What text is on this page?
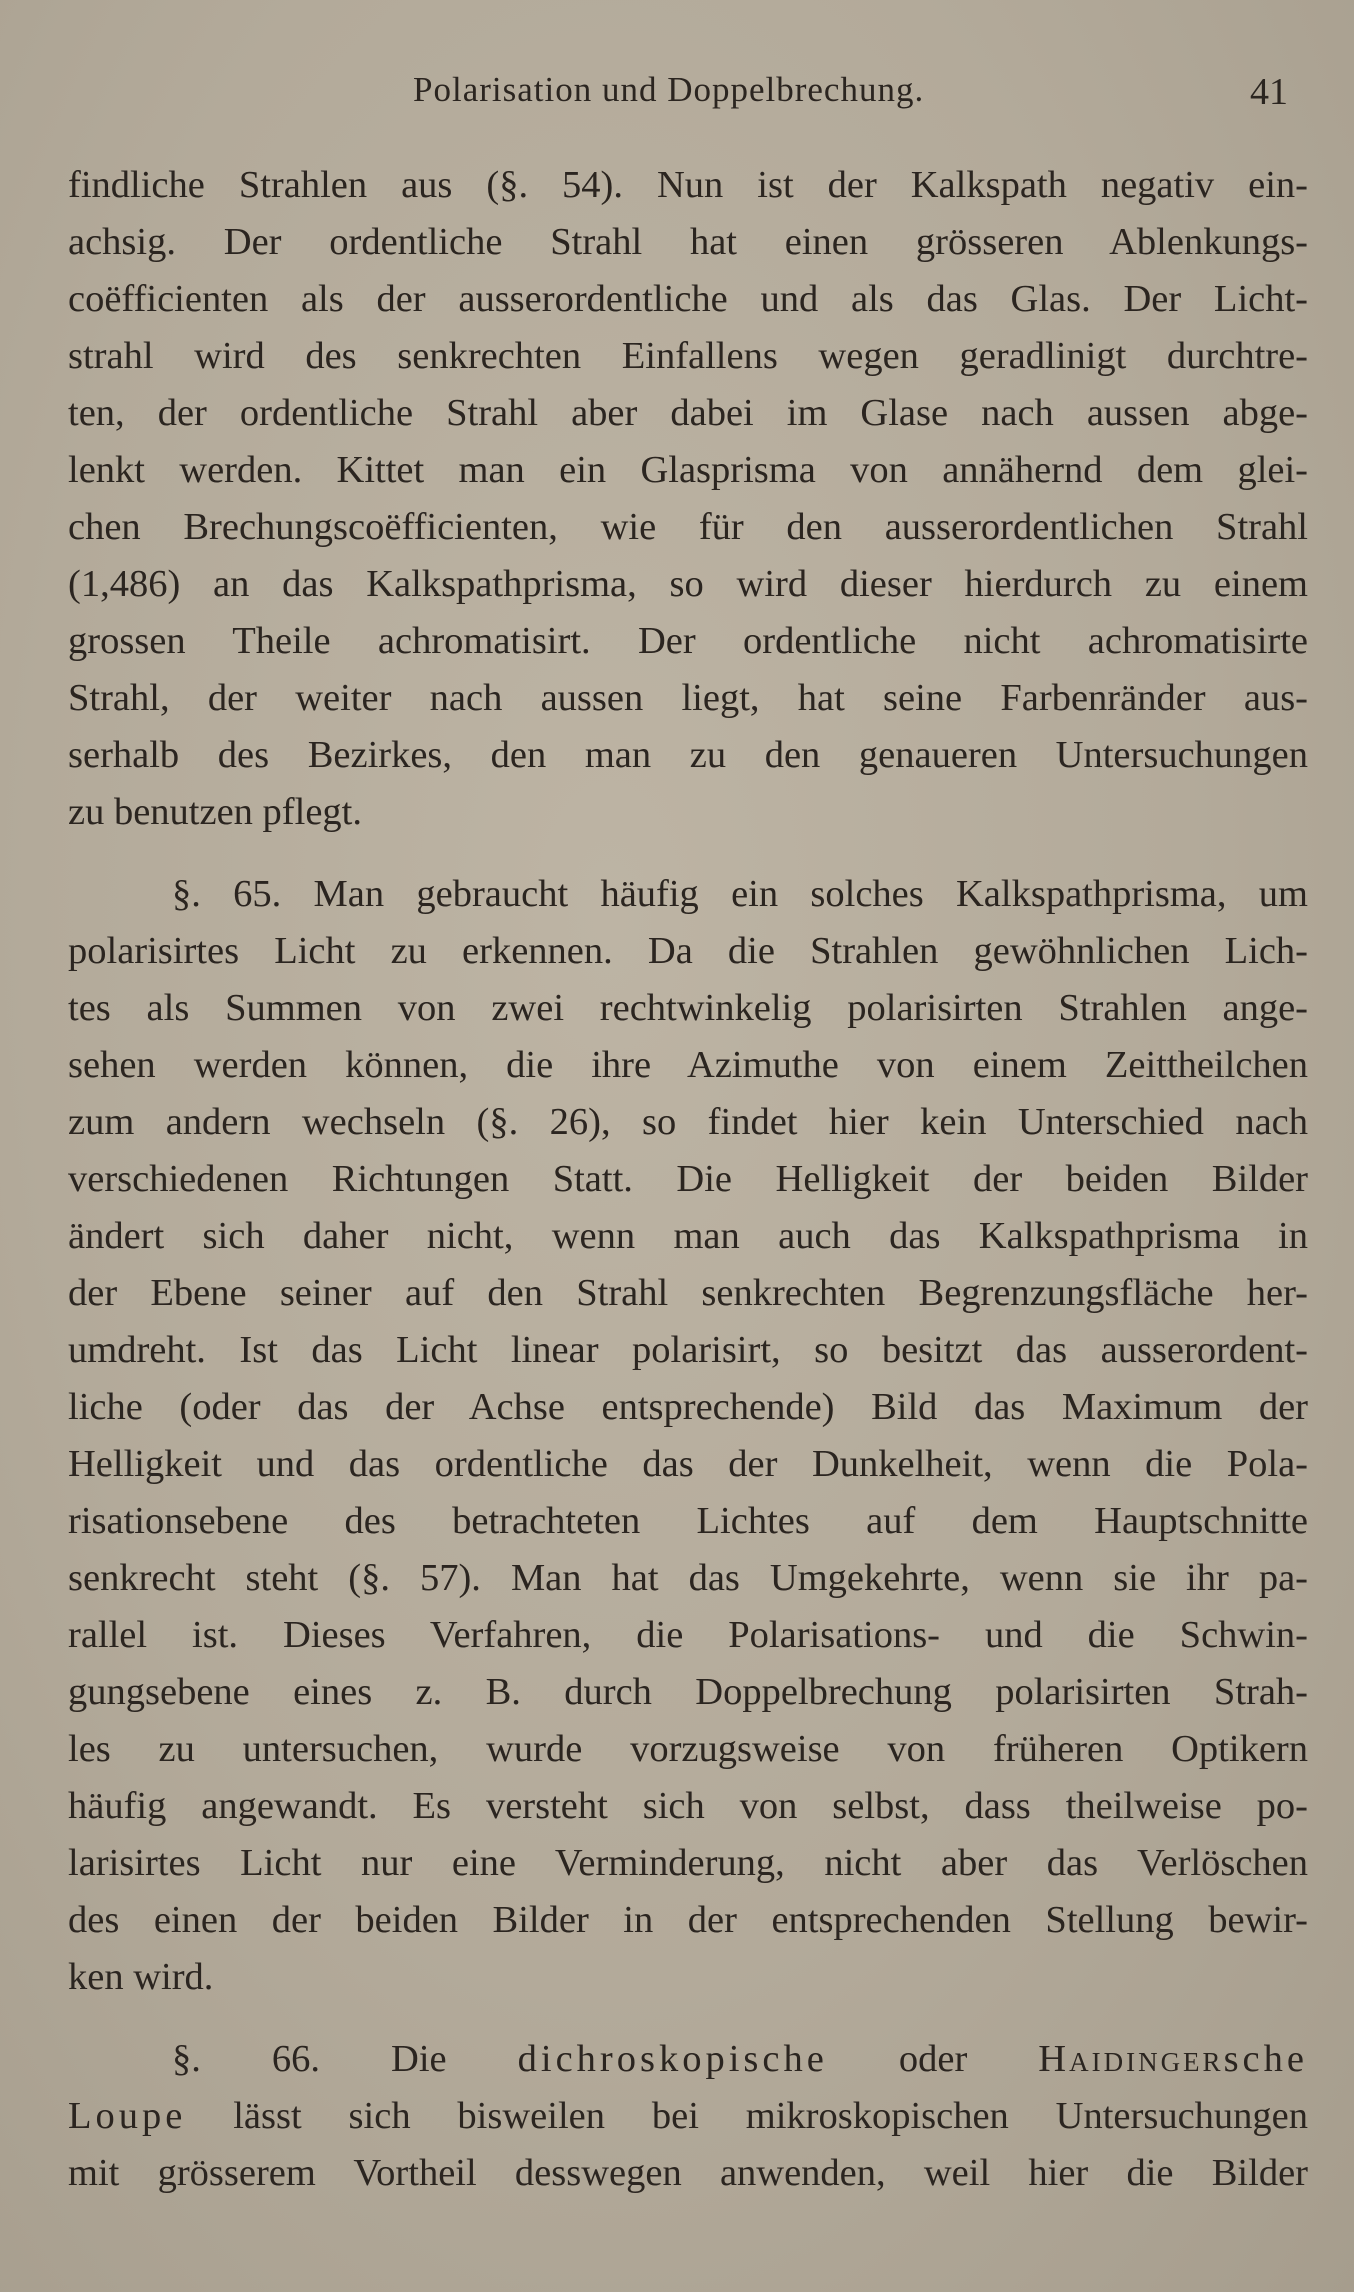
Polarisation und Doppelbrechung.	41
findliche Strahlen aus (§. 54). Nun ist der Kalkspath negativ ein-
achsig. Der ordentliche Strahl hat einen grösseren Ablenkungs-
coëfficienten als der ausserordentliche und als das Glas. Der Licht-
strahl wird des senkrechten Einfallens wegen geradlinigt durchtre-
ten, der ordentliche Strahl aber dabei im Glase nach aussen abge-
lenkt werden. Kittet man ein Glasprisma von annähernd dem glei-
chen Brechungscoëfficienten, wie für den ausserordentlichen Strahl
(1,486) an das Kalkspathprisma, so wird dieser hierdurch zu einem
grossen Theile achromatisirt. Der ordentliche nicht achromatisirte
Strahl, der weiter nach aussen liegt, hat seine Farbenränder aus-
serhalb des Bezirkes, den man zu den genaueren Untersuchungen
zu benutzen pflegt.
§. 65. Man gebraucht häufig ein solches Kalkspathprisma, um
polarisirtes Licht zu erkennen. Da die Strahlen gewöhnlichen Lich-
tes als Summen von zwei rechtwinkelig polarisirten Strahlen ange-
sehen werden können, die ihre Azimuthe von einem Zeittheilchen
zum andern wechseln (§. 26), so findet hier kein Unterschied nach
verschiedenen Richtungen Statt. Die Helligkeit der beiden Bilder
ändert sich daher nicht, wenn man auch das Kalkspathprisma in
der Ebene seiner auf den Strahl senkrechten Begrenzungsfläche her-
umdreht. Ist das Licht linear polarisirt, so besitzt das ausserordent-
liche (oder das der Achse entsprechende) Bild das Maximum der
Helligkeit und das ordentliche das der Dunkelheit, wenn die Pola-
risationsebene des betrachteten Lichtes auf dem Hauptschnitte
senkrecht steht (§. 57). Man hat das Umgekehrte, wenn sie ihr pa-
rallel ist. Dieses Verfahren, die Polarisations- und die Schwin-
gungsebene eines z. B. durch Doppelbrechung polarisirten Strah-
les zu untersuchen, wurde vorzugsweise von früheren Optikern
häufig angewandt. Es versteht sich von selbst, dass theilweise po-
larisirtes Licht nur eine Verminderung, nicht aber das Verlöschen
des einen der beiden Bilder in der entsprechenden Stellung bewir-
ken wird.
§. 66. Die dichroskopische oder Haidingersche
Loupe lässt sich bisweilen bei mikroskopischen Untersuchungen
mit grösserem Vortheil desswegen anwenden, weil hier die Bilder
